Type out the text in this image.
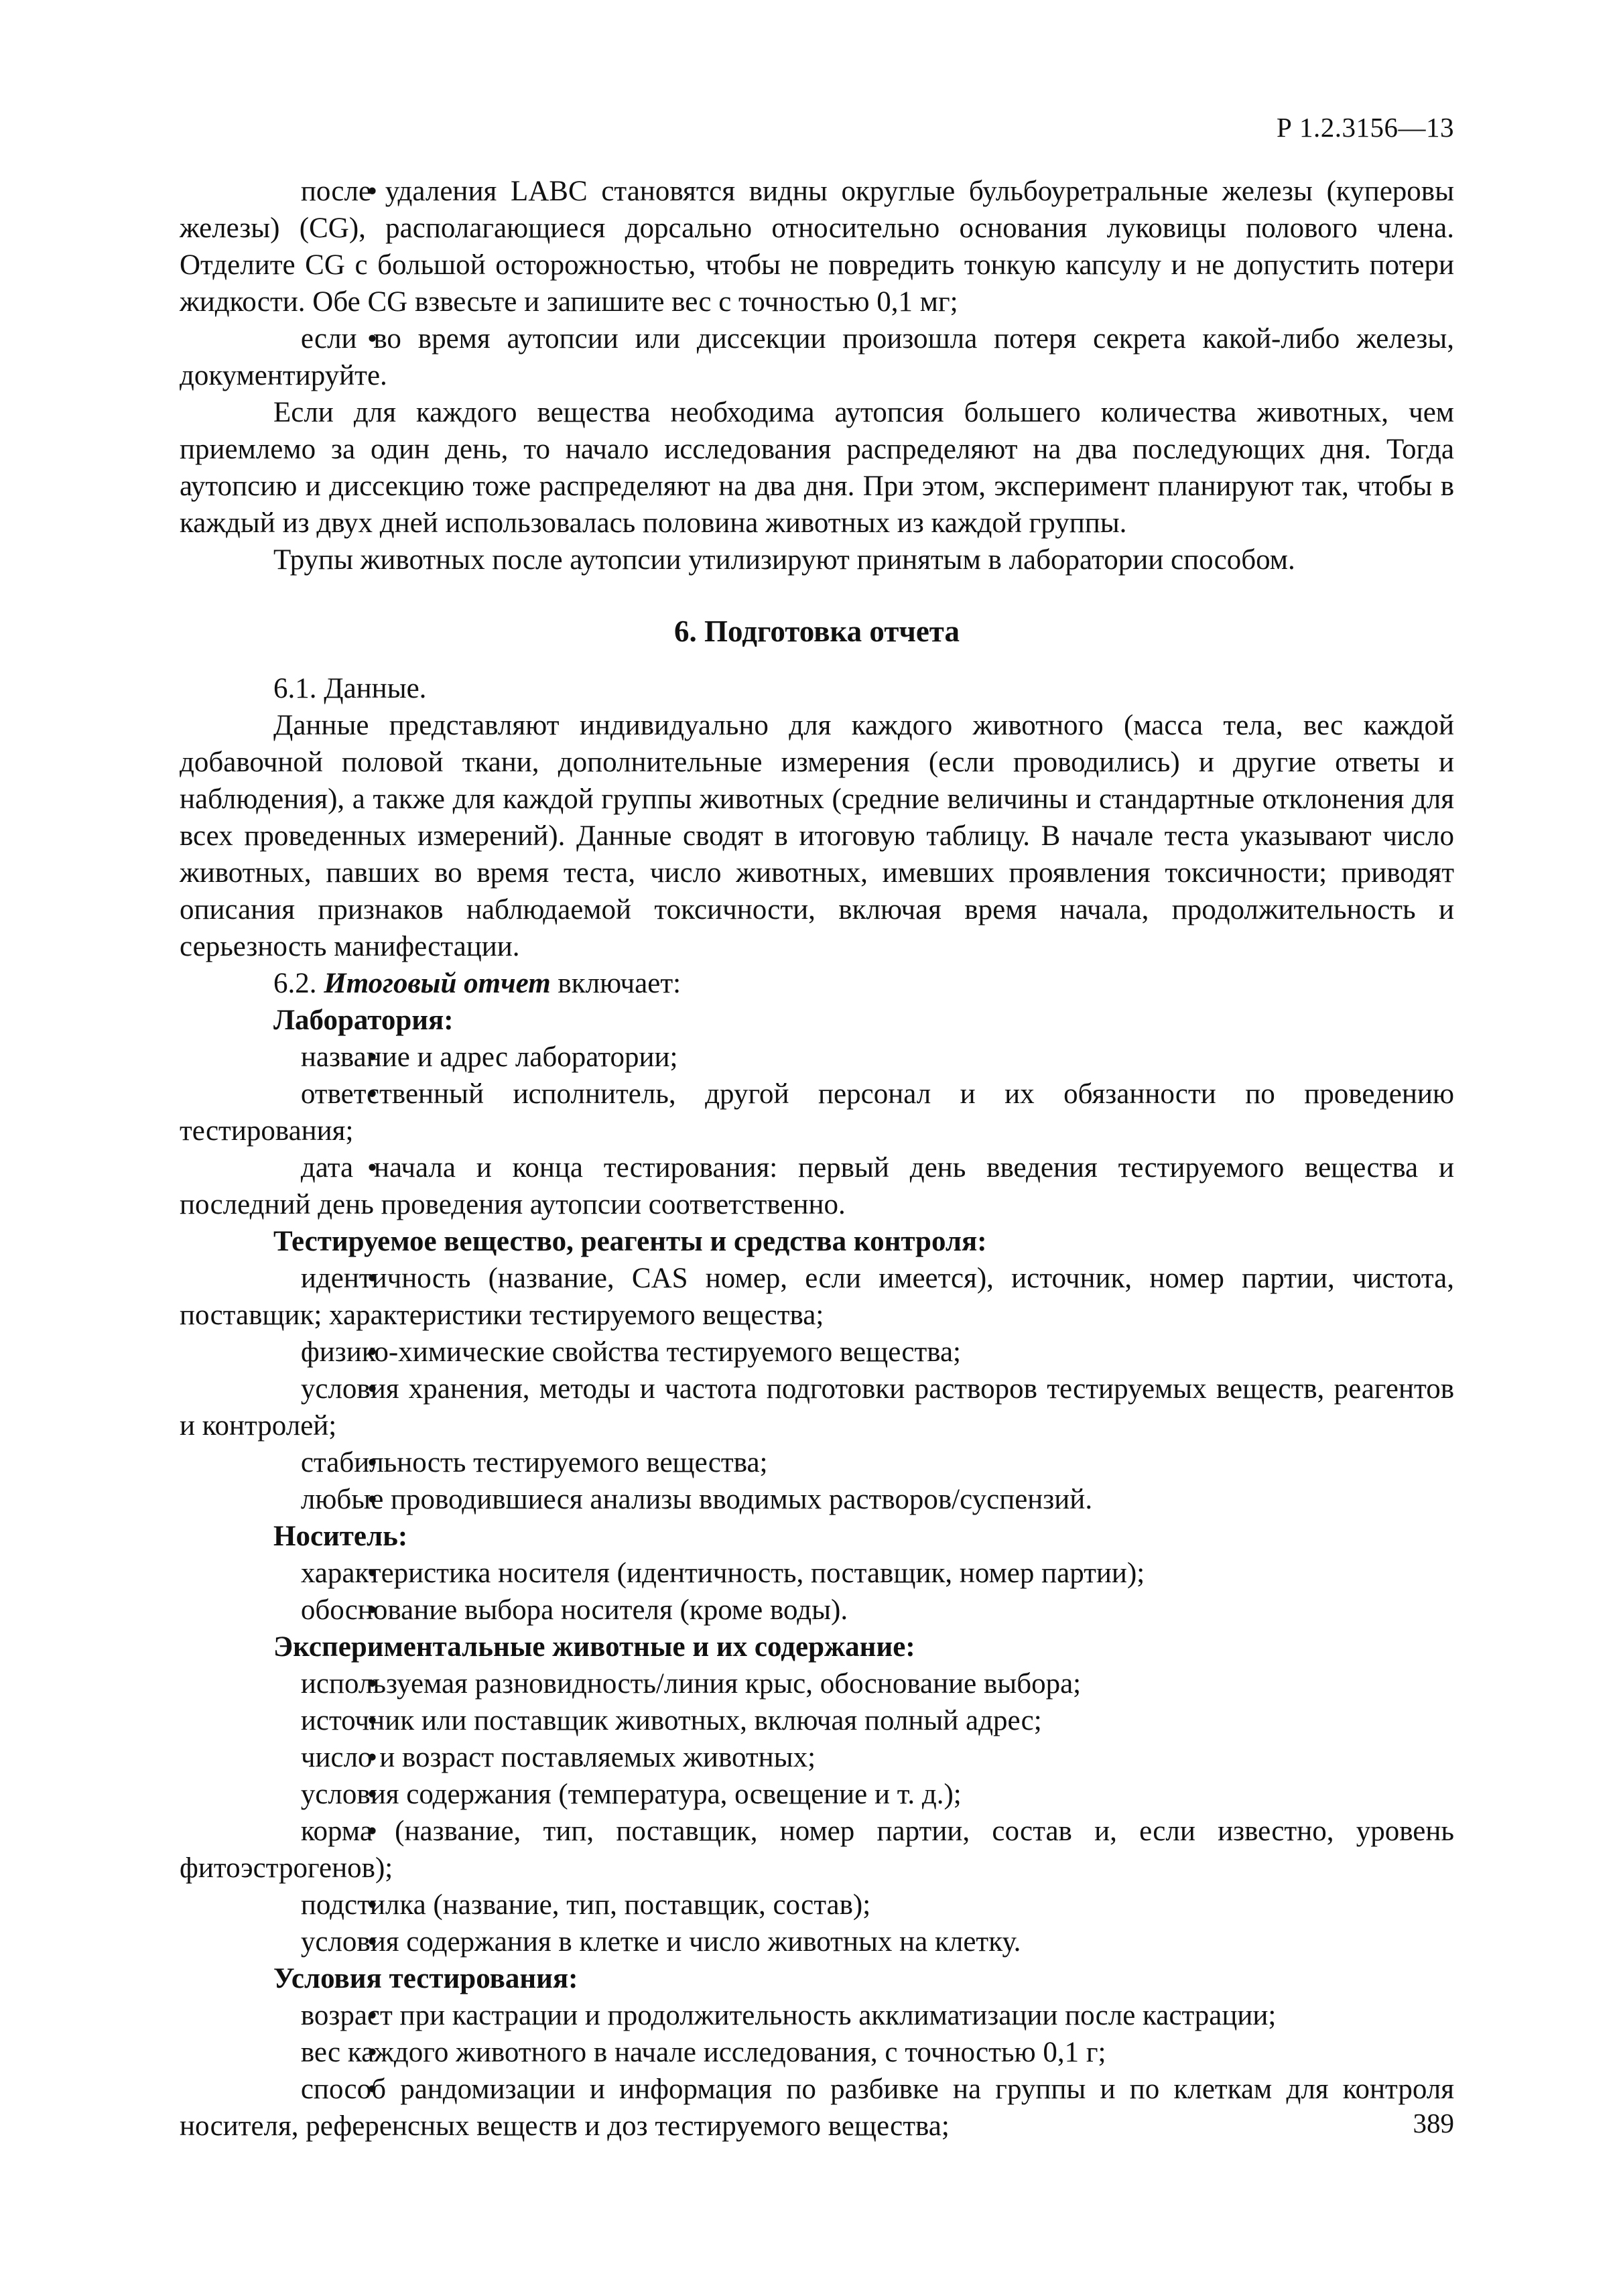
Р 1.2.3156—13

• после удаления LABC становятся видны округлые бульбоуретральные железы (куперовы железы) (CG), располагающиеся дорсально относительно основания луковицы полового члена. Отделите CG с большой осторожностью, чтобы не повредить тонкую капсулу и не допустить потери жидкости. Обе CG взвесьте и запишите вес с точностью 0,1 мг;

• если во время аутопсии или диссекции произошла потеря секрета какой-либо железы, документируйте.

Если для каждого вещества необходима аутопсия большего количества животных, чем приемлемо за один день, то начало исследования распределяют на два последующих дня. Тогда аутопсию и диссекцию тоже распределяют на два дня. При этом, эксперимент планируют так, чтобы в каждый из двух дней использовалась половина животных из каждой группы.

Трупы животных после аутопсии утилизируют принятым в лаборатории способом.

6. Подготовка отчета

6.1. Данные.

Данные представляют индивидуально для каждого животного (масса тела, вес каждой добавочной половой ткани, дополнительные измерения (если проводились) и другие ответы и наблюдения), а также для каждой группы животных (средние величины и стандартные отклонения для всех проведенных измерений). Данные сводят в итоговую таблицу. В начале теста указывают число животных, павших во время теста, число животных, имевших проявления токсичности; приводят описания признаков наблюдаемой токсичности, включая время начала, продолжительность и серьезность манифестации.

6.2. Итоговый отчет включает:

Лаборатория:

• название и адрес лаборатории;

• ответственный исполнитель, другой персонал и их обязанности по проведению тестирования;

• дата начала и конца тестирования: первый день введения тестируемого вещества и последний день проведения аутопсии соответственно.

Тестируемое вещество, реагенты и средства контроля:

• идентичность (название, CAS номер, если имеется), источник, номер партии, чистота, поставщик; характеристики тестируемого вещества;

• физико-химические свойства тестируемого вещества;

• условия хранения, методы и частота подготовки растворов тестируемых веществ, реагентов и контролей;

• стабильность тестируемого вещества;

• любые проводившиеся анализы вводимых растворов/суспензий.

Носитель:

• характеристика носителя (идентичность, поставщик, номер партии);

• обоснование выбора носителя (кроме воды).

Экспериментальные животные и их содержание:

• используемая разновидность/линия крыс, обоснование выбора;

• источник или поставщик животных, включая полный адрес;

• число и возраст поставляемых животных;

• условия содержания (температура, освещение и т. д.);

• корма (название, тип, поставщик, номер партии, состав и, если известно, уровень фитоэстрогенов);

• подстилка (название, тип, поставщик, состав);

• условия содержания в клетке и число животных на клетку.

Условия тестирования:

• возраст при кастрации и продолжительность акклиматизации после кастрации;

• вес каждого животного в начале исследования, с точностью 0,1 г;

• способ рандомизации и информация по разбивке на группы и по клеткам для контроля носителя, референсных веществ и доз тестируемого вещества;	389
